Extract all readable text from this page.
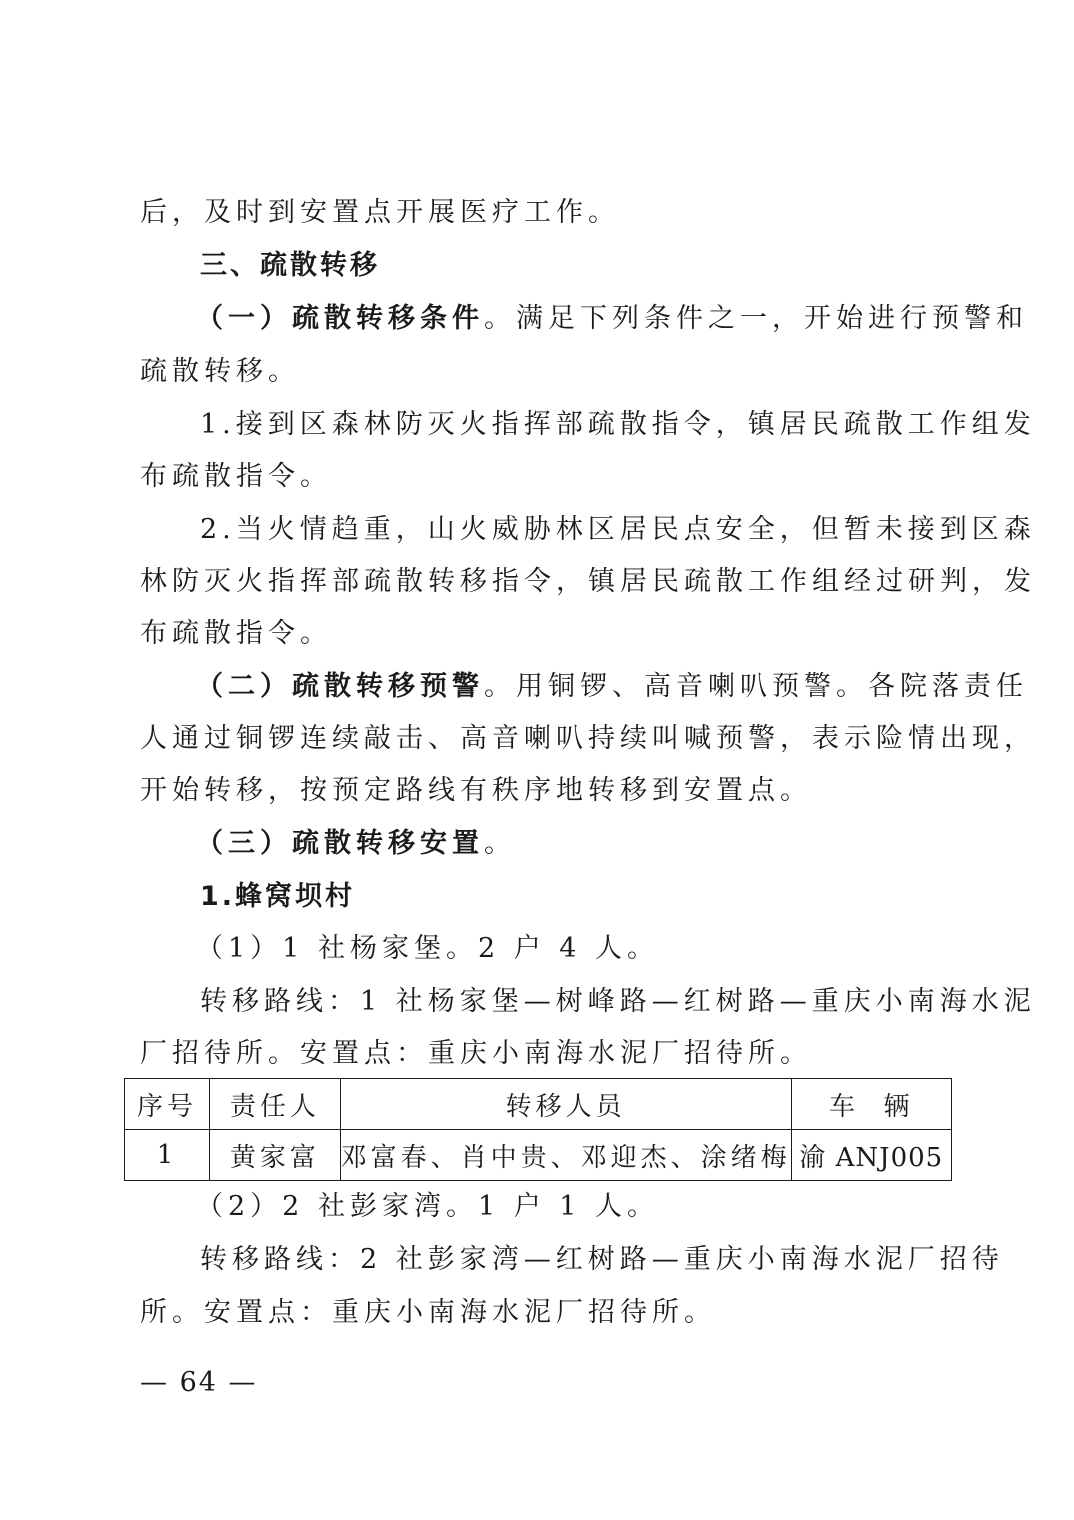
后，及时到安置点开展医疗工作。
三、疏散转移
（一）疏散转移条件。满足下列条件之一，开始进行预警和
疏散转移。
1.接到区森林防灭火指挥部疏散指令，镇居民疏散工作组发
布疏散指令。
2.当火情趋重，山火威胁林区居民点安全，但暂未接到区森
林防灭火指挥部疏散转移指令，镇居民疏散工作组经过研判，发
布疏散指令。
（二）疏散转移预警。用铜锣、高音喇叭预警。各院落责任
人通过铜锣连续敲击、高音喇叭持续叫喊预警，表示险情出现，
开始转移，按预定路线有秩序地转移到安置点。
（三）疏散转移安置。
1.蜂窝坝村
（1）1 社杨家堡。2 户 4 人。
转移路线：1 社杨家堡—树峰路—红树路—重庆小南海水泥
厂招待所。安置点：重庆小南海水泥厂招待所。
序号	责任人	转移人员	车  辆
1	黄家富	邓富春、肖中贵、邓迎杰、涂绪梅	渝 ANJ005
（2）2 社彭家湾。1 户 1 人。
转移路线：2 社彭家湾—红树路—重庆小南海水泥厂招待
所。安置点：重庆小南海水泥厂招待所。
— 64 —
